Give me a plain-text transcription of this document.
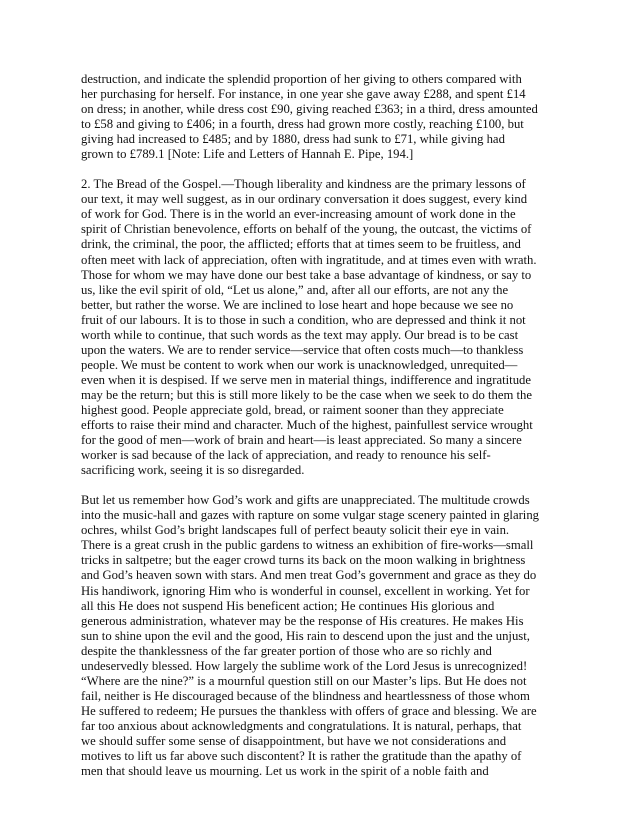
destruction, and indicate the splendid proportion of her giving to others compared with
her purchasing for herself. For instance, in one year she gave away £288, and spent £14
on dress; in another, while dress cost £90, giving reached £363; in a third, dress amounted
to £58 and giving to £406; in a fourth, dress had grown more costly, reaching £100, but
giving had increased to £485; and by 1880, dress had sunk to £71, while giving had
grown to £789.1 [Note: Life and Letters of Hannah E. Pipe, 194.]
2. The Bread of the Gospel.—Though liberality and kindness are the primary lessons of
our text, it may well suggest, as in our ordinary conversation it does suggest, every kind
of work for God. There is in the world an ever-increasing amount of work done in the
spirit of Christian benevolence, efforts on behalf of the young, the outcast, the victims of
drink, the criminal, the poor, the afflicted; efforts that at times seem to be fruitless, and
often meet with lack of appreciation, often with ingratitude, and at times even with wrath.
Those for whom we may have done our best take a base advantage of kindness, or say to
us, like the evil spirit of old, “Let us alone,” and, after all our efforts, are not any the
better, but rather the worse. We are inclined to lose heart and hope because we see no
fruit of our labours. It is to those in such a condition, who are depressed and think it not
worth while to continue, that such words as the text may apply. Our bread is to be cast
upon the waters. We are to render service—service that often costs much—to thankless
people. We must be content to work when our work is unacknowledged, unrequited—
even when it is despised. If we serve men in material things, indifference and ingratitude
may be the return; but this is still more likely to be the case when we seek to do them the
highest good. People appreciate gold, bread, or raiment sooner than they appreciate
efforts to raise their mind and character. Much of the highest, painfullest service wrought
for the good of men—work of brain and heart—is least appreciated. So many a sincere
worker is sad because of the lack of appreciation, and ready to renounce his self-
sacrificing work, seeing it is so disregarded.
But let us remember how God’s work and gifts are unappreciated. The multitude crowds
into the music-hall and gazes with rapture on some vulgar stage scenery painted in glaring
ochres, whilst God’s bright landscapes full of perfect beauty solicit their eye in vain.
There is a great crush in the public gardens to witness an exhibition of fire-works—small
tricks in saltpetre; but the eager crowd turns its back on the moon walking in brightness
and God’s heaven sown with stars. And men treat God’s government and grace as they do
His handiwork, ignoring Him who is wonderful in counsel, excellent in working. Yet for
all this He does not suspend His beneficent action; He continues His glorious and
generous administration, whatever may be the response of His creatures. He makes His
sun to shine upon the evil and the good, His rain to descend upon the just and the unjust,
despite the thanklessness of the far greater portion of those who are so richly and
undeservedly blessed. How largely the sublime work of the Lord Jesus is unrecognized!
“Where are the nine?” is a mournful question still on our Master’s lips. But He does not
fail, neither is He discouraged because of the blindness and heartlessness of those whom
He suffered to redeem; He pursues the thankless with offers of grace and blessing. We are
far too anxious about acknowledgments and congratulations. It is natural, perhaps, that
we should suffer some sense of disappointment, but have we not considerations and
motives to lift us far above such discontent? It is rather the gratitude than the apathy of
men that should leave us mourning. Let us work in the spirit of a noble faith and
